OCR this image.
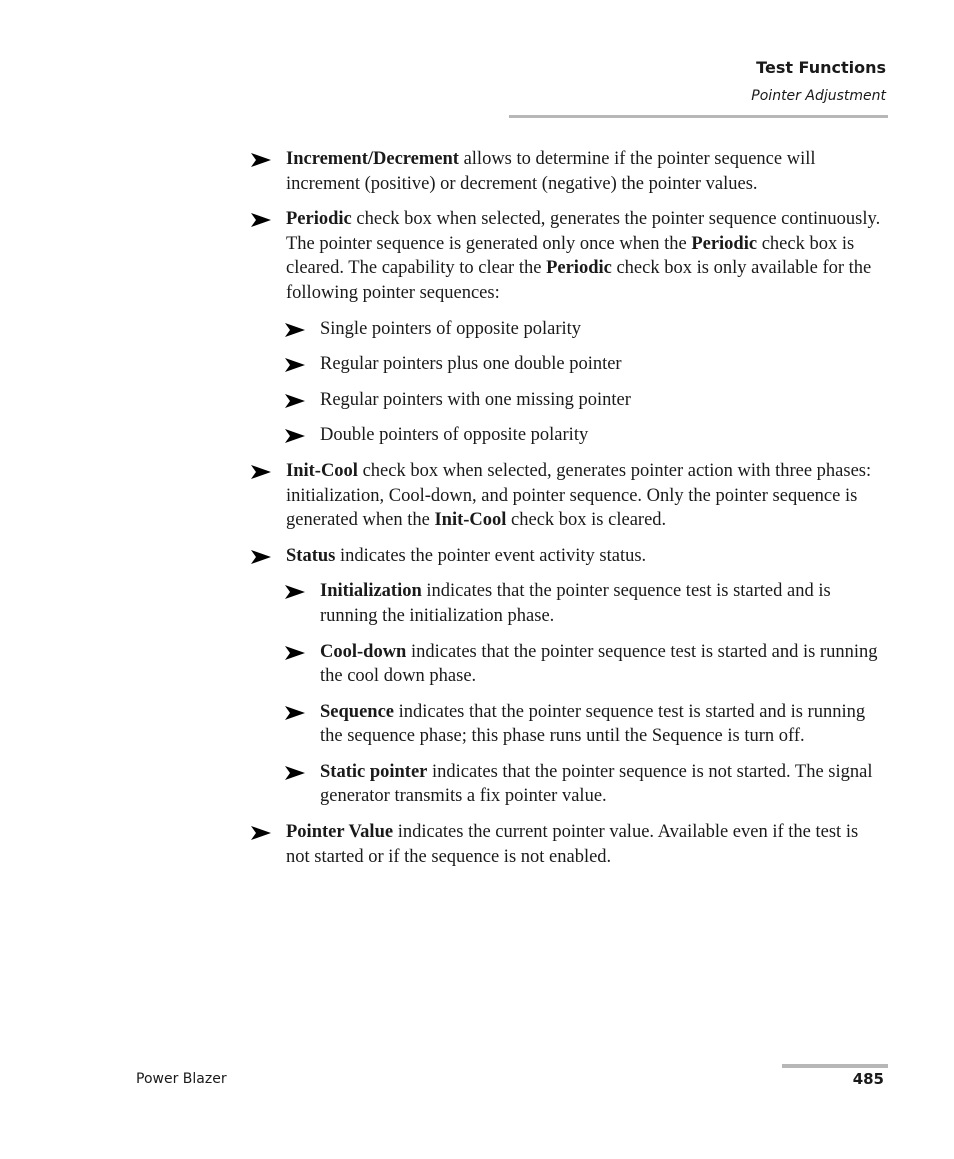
Test Functions
Pointer Adjustment
Increment/Decrement allows to determine if the pointer sequence will increment (positive) or decrement (negative) the pointer values.
Periodic check box when selected, generates the pointer sequence continuously. The pointer sequence is generated only once when the Periodic check box is cleared. The capability to clear the Periodic check box is only available for the following pointer sequences:
Single pointers of opposite polarity
Regular pointers plus one double pointer
Regular pointers with one missing pointer
Double pointers of opposite polarity
Init-Cool check box when selected, generates pointer action with three phases: initialization, Cool-down, and pointer sequence. Only the pointer sequence is generated when the Init-Cool check box is cleared.
Status indicates the pointer event activity status.
Initialization indicates that the pointer sequence test is started and is running the initialization phase.
Cool-down indicates that the pointer sequence test is started and is running the cool down phase.
Sequence indicates that the pointer sequence test is started and is running the sequence phase; this phase runs until the Sequence is turn off.
Static pointer indicates that the pointer sequence is not started. The signal generator transmits a fix pointer value.
Pointer Value indicates the current pointer value. Available even if the test is not started or if the sequence is not enabled.
Power Blazer	485
